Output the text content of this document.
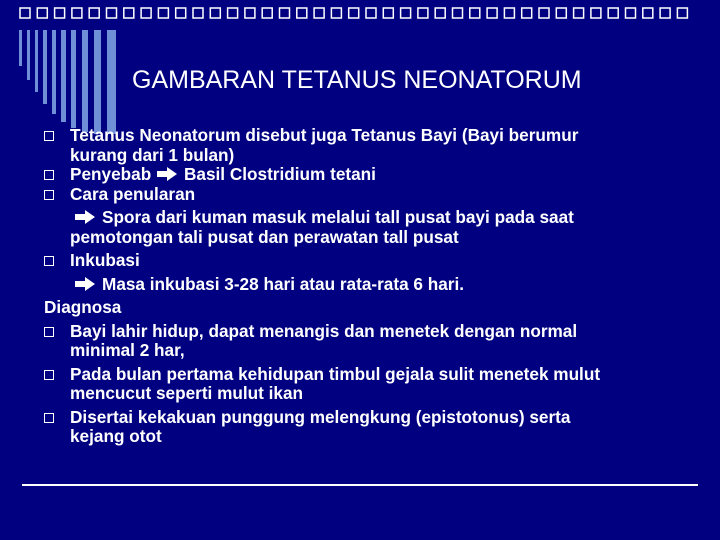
GAMBARAN TETANUS NEONATORUM
Tetanus Neonatorum disebut juga Tetanus Bayi (Bayi berumur
kurang dari 1 bulan)
Penyebab Basil Clostridium tetani
Cara penularan
Spora dari kuman masuk melalui tall pusat bayi pada saat
pemotongan tali pusat dan perawatan tall pusat
Inkubasi
Masa inkubasi 3-28 hari atau rata-rata 6 hari.
Diagnosa
Bayi lahir hidup, dapat menangis dan menetek dengan normal
minimal 2 har,
Pada bulan pertama kehidupan timbul gejala sulit menetek mulut
mencucut seperti mulut ikan
Disertai kekakuan punggung melengkung (epistotonus) serta
kejang otot
